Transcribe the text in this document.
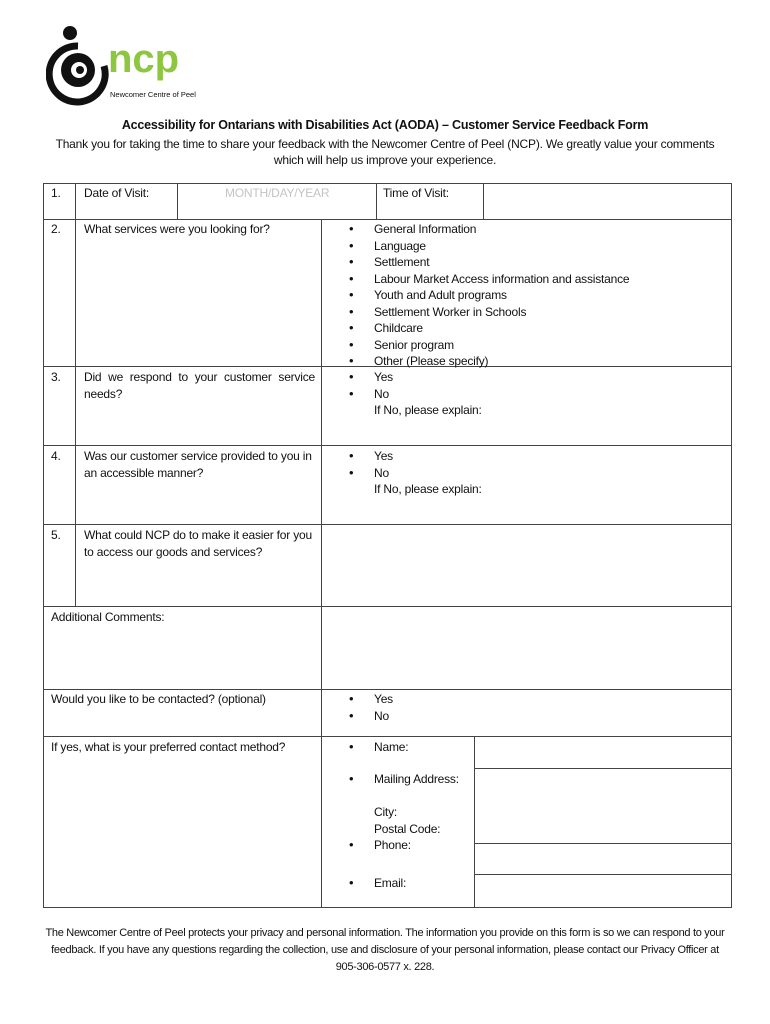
ncp
Newcomer Centre of Peel
Accessibility for Ontarians with Disabilities Act (AODA) – Customer Service Feedback Form
Thank you for taking the time to share your feedback with the Newcomer Centre of Peel (NCP). We greatly value your comments which will help us improve your experience.
1. Date of Visit:	MONTH/DAY/YEAR	Time of Visit:
2. What services were you looking for?	• General Information
• Language
• Settlement
• Labour Market Access information and assistance
• Youth and Adult programs
• Settlement Worker in Schools
• Childcare
• Senior program
• Other (Please specify)
3. Did we respond to your customer service needs?
• Yes
• No
If No, please explain:
4. Was our customer service provided to you in an accessible manner?
• Yes
• No
If No, please explain:
5. What could NCP do to make it easier for you to access our goods and services?
Additional Comments:
Would you like to be contacted? (optional)	• Yes
• No
If yes, what is your preferred contact method?	• Name:
• Mailing Address:
City:
Postal Code:
• Phone:
• Email:
The Newcomer Centre of Peel protects your privacy and personal information. The information you provide on this form is so we can respond to your feedback. If you have any questions regarding the collection, use and disclosure of your personal information, please contact our Privacy Officer at 905-306-0577 x. 228.
